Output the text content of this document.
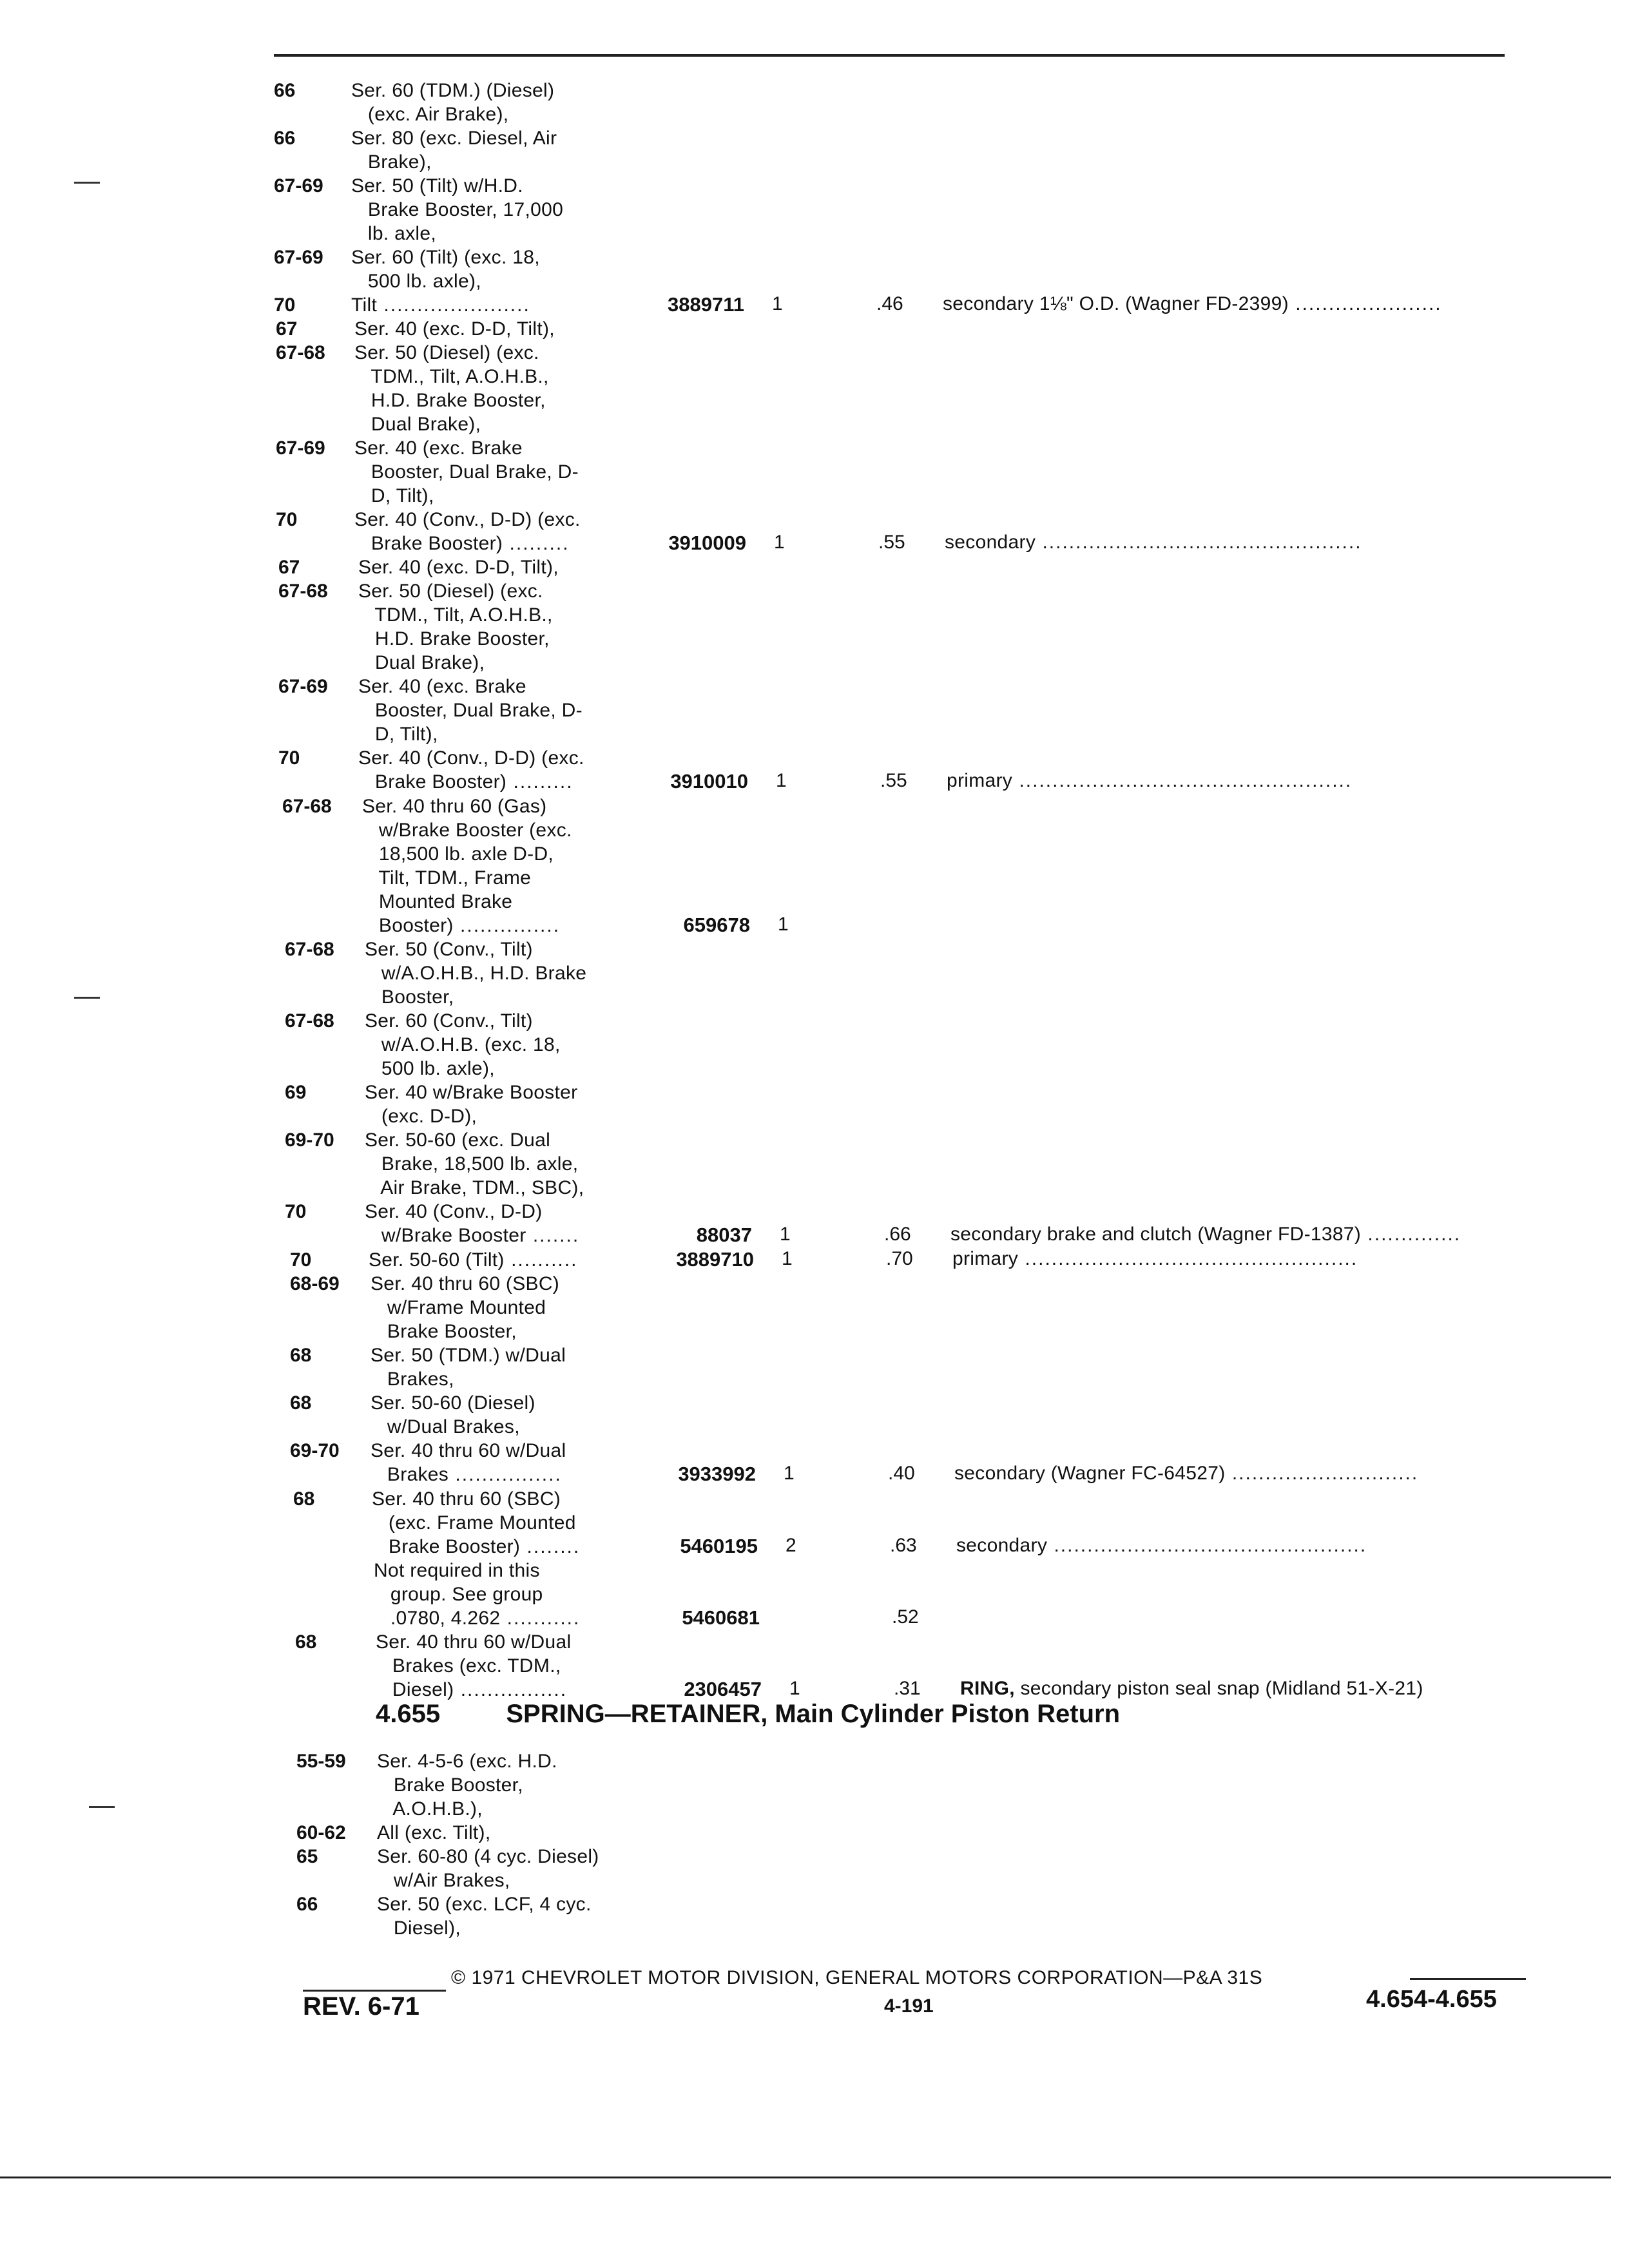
66	Ser. 60 (TDM.) (Diesel)
(exc. Air Brake),
66	Ser. 80 (exc. Diesel, Air
Brake),
67-69 Ser. 50 (Tilt) w/H.D.
Brake Booster, 17,000
lb. axle,
67-69 Ser. 60 (Tilt) (exc. 18,
500 lb. axle),
70	Tilt ......................	3889711 1	.46 secondary 1⅛" O.D. (Wagner FD-2399) ......................
67	Ser. 40 (exc. D-D, Tilt),
67-68 Ser. 50 (Diesel) (exc.
TDM., Tilt, A.O.H.B.,
H.D. Brake Booster,
Dual Brake),
67-69 Ser. 40 (exc. Brake
Booster, Dual Brake, D-
D, Tilt),
70	Ser. 40 (Conv., D-D) (exc.
Brake Booster) .........	3910009 1	.55 secondary ................................................
67	Ser. 40 (exc. D-D, Tilt),
67-68 Ser. 50 (Diesel) (exc.
TDM., Tilt, A.O.H.B.,
H.D. Brake Booster,
Dual Brake),
67-69 Ser. 40 (exc. Brake
Booster, Dual Brake, D-
D, Tilt),
70	Ser. 40 (Conv., D-D) (exc.
Brake Booster) .........	3910010 1	.55 primary ..................................................
67-68 Ser. 40 thru 60 (Gas)
w/Brake Booster (exc.
18,500 lb. axle D-D,
Tilt, TDM., Frame
Mounted Brake
Booster) ...............	659678 1
67-68 Ser. 50 (Conv., Tilt)
w/A.O.H.B., H.D. Brake
Booster,
67-68 Ser. 60 (Conv., Tilt)
w/A.O.H.B. (exc. 18,
500 lb. axle),
69	Ser. 40 w/Brake Booster
(exc. D-D),
69-70 Ser. 50-60 (exc. Dual
Brake, 18,500 lb. axle,
Air Brake, TDM., SBC),
70	Ser. 40 (Conv., D-D)
w/Brake Booster .......	88037 1	.66 secondary brake and clutch (Wagner FD-1387) ..............
70	Ser. 50-60 (Tilt) ..........	3889710 1	.70 primary ..................................................
68-69 Ser. 40 thru 60 (SBC)
w/Frame Mounted
Brake Booster,
68	Ser. 50 (TDM.) w/Dual
Brakes,
68	Ser. 50-60 (Diesel)
w/Dual Brakes,
69-70 Ser. 40 thru 60 w/Dual
Brakes ................	3933992 1	.40 secondary (Wagner FC-64527) ............................
68	Ser. 40 thru 60 (SBC)
(exc. Frame Mounted
Brake Booster) ........	5460195 2	.63 secondary ...............................................
Not required in this
group. See group
.0780, 4.262 ...........	5460681	.52
68	Ser. 40 thru 60 w/Dual
Brakes (exc. TDM.,
Diesel) ................	2306457 1	.31 RING, secondary piston seal snap (Midland 51-X-21)
55-59 Ser. 4-5-6 (exc. H.D.
Brake Booster,
A.O.H.B.),
60-62 All (exc. Tilt),
65	Ser. 60-80 (4 cyc. Diesel)
w/Air Brakes,
66	Ser. 50 (exc. LCF, 4 cyc.
Diesel),
4.655	SPRING—RETAINER, Main Cylinder Piston Return
© 1971 CHEVROLET MOTOR DIVISION, GENERAL MOTORS CORPORATION—P&A 31S
REV. 6-71	4-191	4.654-4.655
